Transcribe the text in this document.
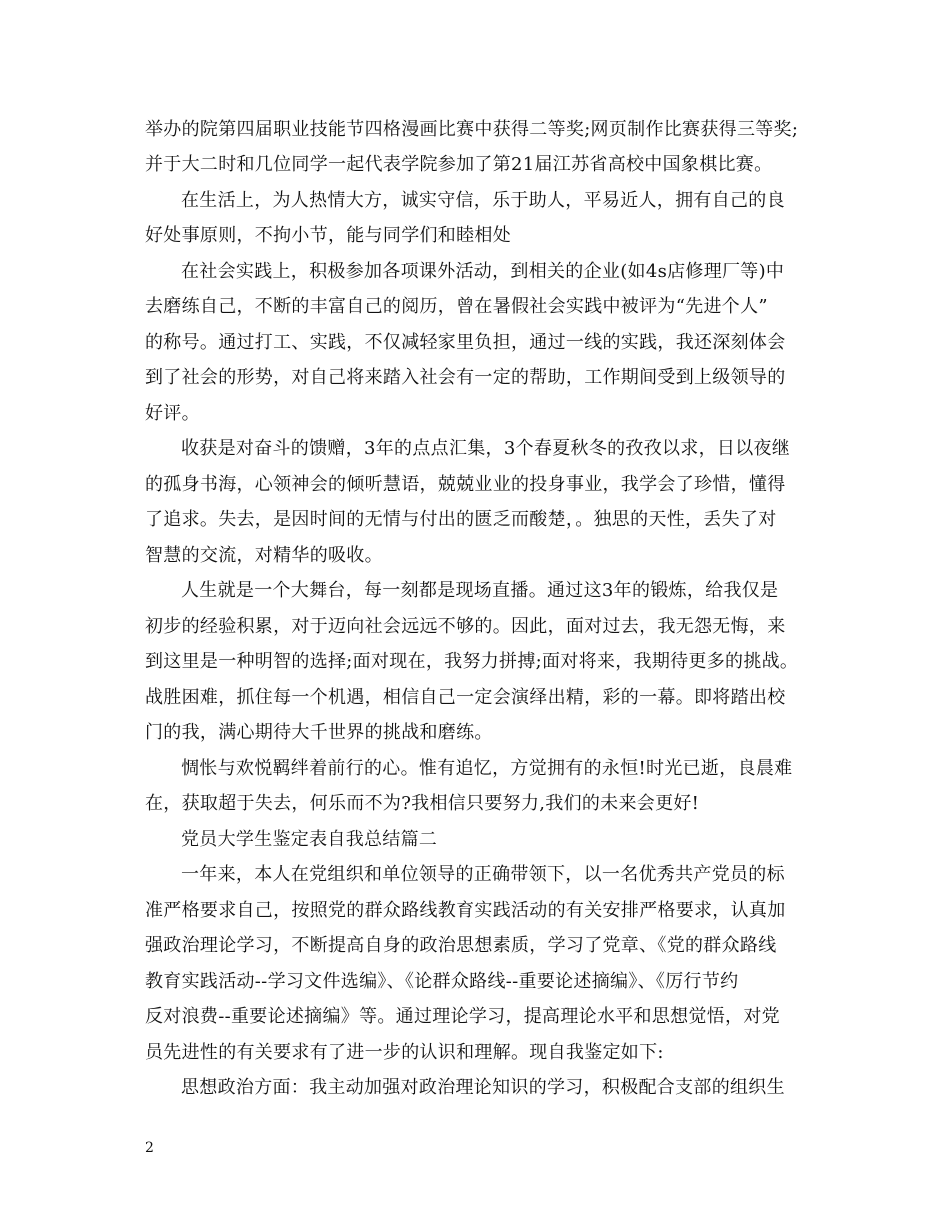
举办的院第四届职业技能节四格漫画比赛中获得二等奖;网页制作比赛获得三等奖;
并于大二时和几位同学一起代表学院参加了第21届江苏省高校中国象棋比赛。
在生活上，为人热情大方，诚实守信，乐于助人，平易近人，拥有自己的良
好处事原则，不拘小节，能与同学们和睦相处
在社会实践上，积极参加各项课外活动，到相关的企业(如4s店修理厂等)中
去磨练自己，不断的丰富自己的阅历，曾在暑假社会实践中被评为“先进个人”
的称号。通过打工、实践，不仅减轻家里负担，通过一线的实践，我还深刻体会
到了社会的形势，对自己将来踏入社会有一定的帮助，工作期间受到上级领导的
好评。
收获是对奋斗的馈赠，3年的点点汇集，3个春夏秋冬的孜孜以求，日以夜继
的孤身书海，心领神会的倾听慧语，兢兢业业的投身事业，我学会了珍惜，懂得
了追求。失去，是因时间的无情与付出的匮乏而酸楚，。独思的天性，丢失了对
智慧的交流，对精华的吸收。
人生就是一个大舞台，每一刻都是现场直播。通过这3年的锻炼，给我仅是
初步的经验积累，对于迈向社会远远不够的。因此，面对过去，我无怨无悔，来
到这里是一种明智的选择;面对现在，我努力拼搏;面对将来，我期待更多的挑战。
战胜困难，抓住每一个机遇，相信自己一定会演绎出精，彩的一幕。即将踏出校
门的我，满心期待大千世界的挑战和磨练。
惆怅与欢悦羁绊着前行的心。惟有追忆，方觉拥有的永恒!时光已逝，良晨难
在，获取超于失去，何乐而不为?我相信只要努力,我们的未来会更好!
党员大学生鉴定表自我总结篇二
一年来，本人在党组织和单位领导的正确带领下，以一名优秀共产党员的标
准严格要求自己，按照党的群众路线教育实践活动的有关安排严格要求，认真加
强政治理论学习，不断提高自身的政治思想素质，学习了党章、《党的群众路线
教育实践活动--学习文件选编》、《论群众路线--重要论述摘编》、《厉行节约
反对浪费--重要论述摘编》等。通过理论学习，提高理论水平和思想觉悟，对党
员先进性的有关要求有了进一步的认识和理解。现自我鉴定如下:
思想政治方面：我主动加强对政治理论知识的学习，积极配合支部的组织生
2
